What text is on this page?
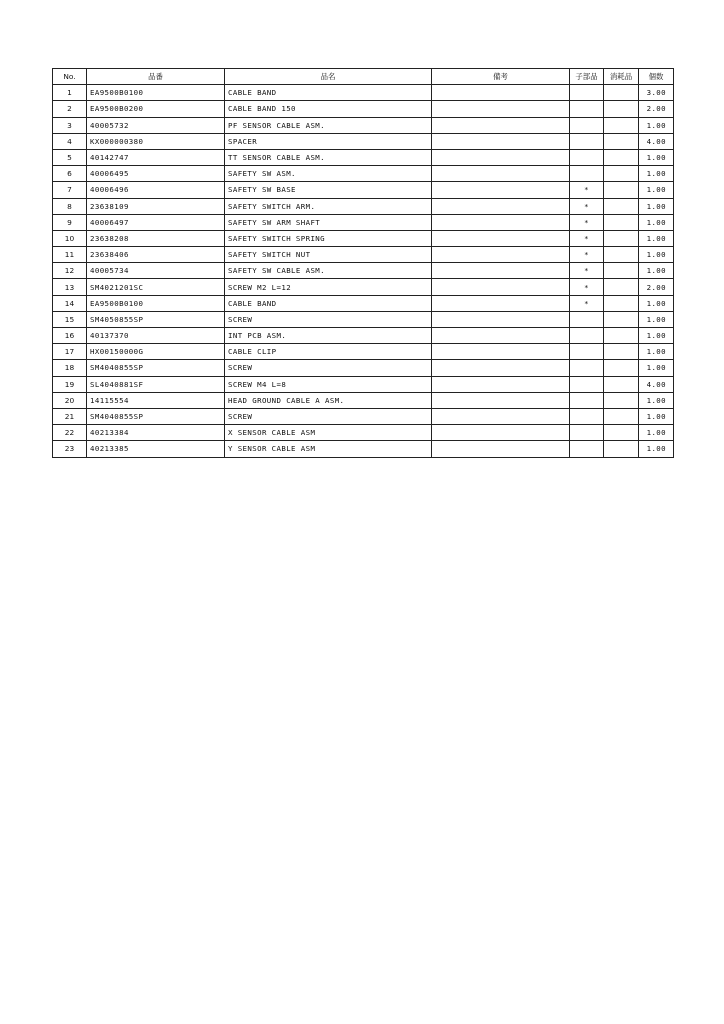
No.	品番	品名	備考	子部品	消耗品	個数
1	EA9500B0100	CABLE BAND				3.00
2	EA9500B0200	CABLE BAND 150				2.00
3	40005732	PF SENSOR CABLE ASM.				1.00
4	KX000000380	SPACER				4.00
5	40142747	TT SENSOR CABLE ASM.				1.00
6	40006495	SAFETY SW ASM.				1.00
7	40006496	SAFETY SW BASE		*		1.00
8	23638109	SAFETY SWITCH ARM.		*		1.00
9	40006497	SAFETY SW ARM SHAFT		*		1.00
10	23638208	SAFETY SWITCH SPRING		*		1.00
11	23638406	SAFETY SWITCH NUT		*		1.00
12	40005734	SAFETY SW CABLE ASM.		*		1.00
13	SM4021201SC	SCREW M2 L=12		*		2.00
14	EA9500B0100	CABLE BAND		*		1.00
15	SM4050855SP	SCREW				1.00
16	40137370	INT PCB ASM.				1.00
17	HX00150000G	CABLE CLIP				1.00
18	SM4040855SP	SCREW				1.00
19	SL4040881SF	SCREW M4 L=8				4.00
20	14115554	HEAD GROUND CABLE A ASM.				1.00
21	SM4040855SP	SCREW				1.00
22	40213384	X SENSOR CABLE ASM				1.00
23	40213385	Y SENSOR CABLE ASM				1.00
